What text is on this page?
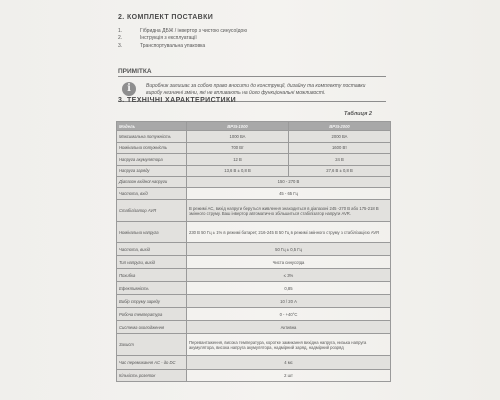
2. КОМПЛЕКТ ПОСТАВКИ
1.	Гібридна ДБЖ / інвертор з чистою синусоїдою
2.	Інструкція з експлуатації
3.	Транспортувальна упаковка
ПРИМІТКА
i	Виробник залишає за собою право вносити до конструкції, дизайну та комплекту поставки виробу незначні зміни, які не впливають на його функціональні можливості.
3. ТЕХНІЧНІ ХАРАКТЕРИСТИКИ
Таблиця 2
Модель	BPSI-1000	BPSI-2000
Максимальна потужність	1000 ВА	2000 ВА
Номінальна потужність	700 Вт	1600 Вт
Напруга акумулятора	12 В	24 В
Напруга заряду	13,6 В ± 0,8 В	27,6 В ± 0,8 В
Діапазон вхідної напруги	150 - 270 В	
Частота, вхід	45 - 65 Гц	
Стабілізатор AVR	В режимі АС, вихід напруги беруться живлення знаходиться в діапазоні 245 -270 В або 175-218 В змінного струму. Ваш інвертор автоматично збільшиться стабілізатор напруги AVR.	
Номінальна напруга	230 В 50 Гц ± 1% в режимі батареї; 216-245 В 50 Гц в режимі змінного струму з стабілізацією AVR	
Частота, вихід	50 Гц ± 0,5 Гц	
Тип напруги, вихід	Чиста синусоїда	
Похибка	≤ 3%	
Ефективність	0,85	
Вибір струму заряду	10 / 20 А	
Робоча температура	0 - +40°С	
Система охолодження	Активна	
Захист	Перевантаження, висока температура, коротке замикання вихідна напруга, низька напруга акумулятора, висока напруга акумулятора, надмірний заряд, надмірний розряд	
Час перемикання AC - до DC	4 мс	
Кількість розеток	2 шт	
